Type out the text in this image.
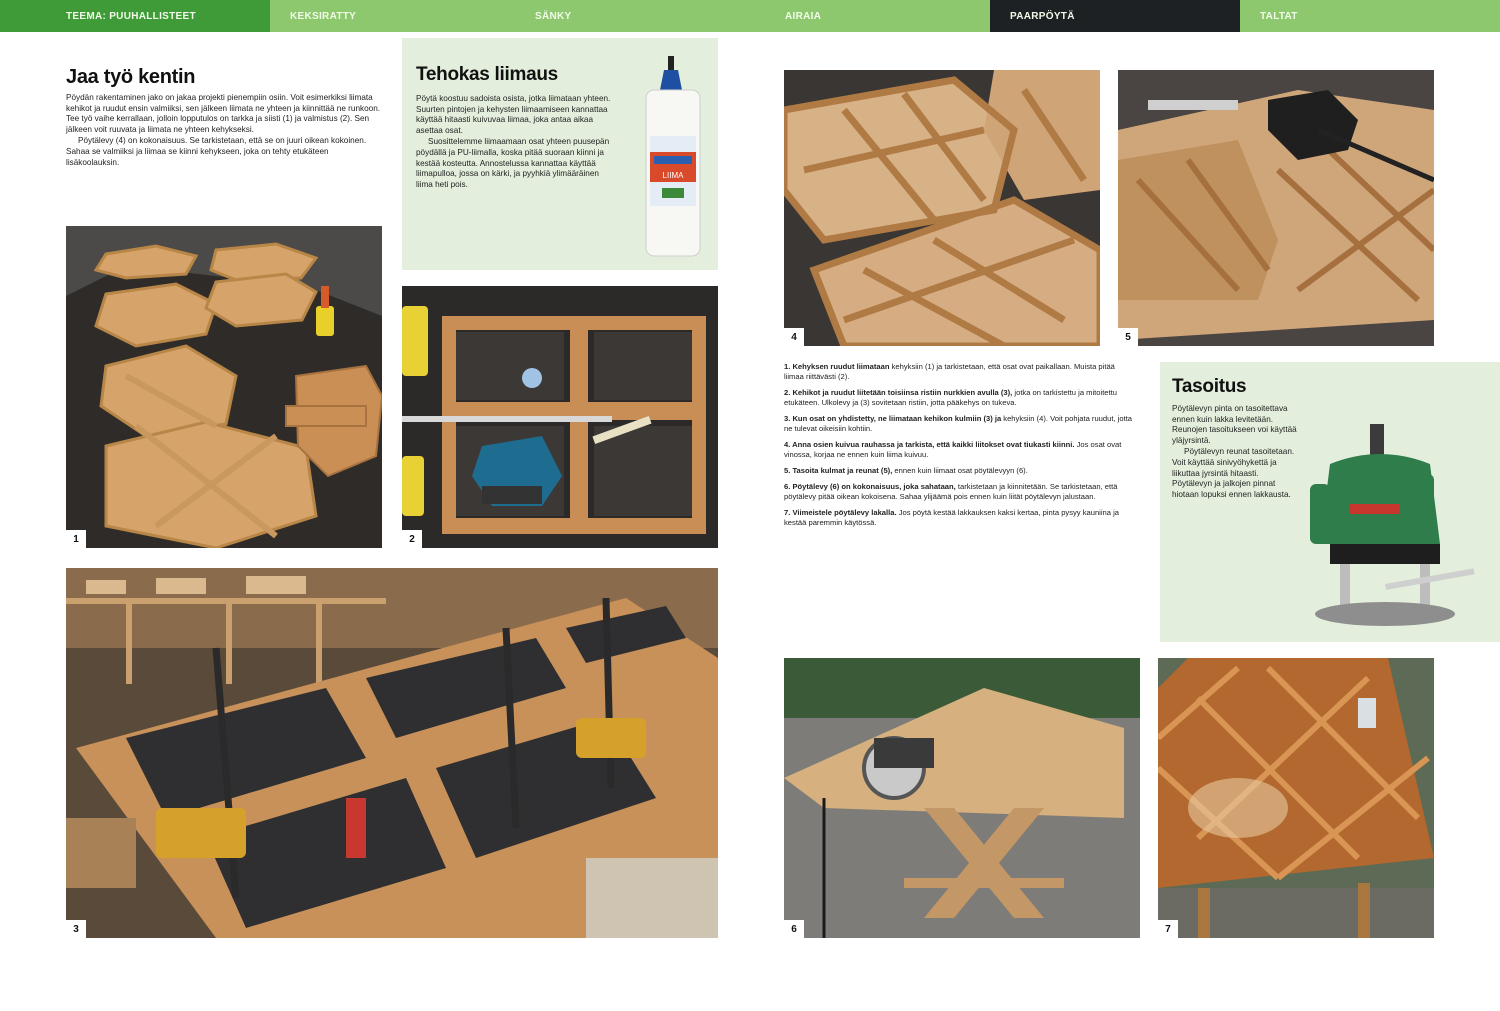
TEEMA: PUUHALLISTEET	KEKSIRATTY	SÄNKY	AIRAIA	PAARPÖYTÄ	TALTAT
Jaa työ kentin

Pöydän rakentaminen jako on jakaa projekti pienempiin osiin. Voit esimerkiksi liimata kehikot ja ruudut ensin valmiiksi, sen jälkeen liimata ne yhteen ja kiinnittää ne runkoon. Tee työ vaihe kerrallaan, jolloin lopputulos on tarkka ja siisti (1) ja valmistus (2). Sen jälkeen voit ruuvata ja liimata ne yhteen kehykseksi.

Pöytälevy (4) on kokonaisuus. Se tarkistetaan, että se on juuri oikean kokoinen. Sahaa se valmiiksi ja liimaa se kiinni kehykseen, joka on tehty etukäteen lisäkoolauksin.

Tehokas liimaus

Pöytä koostuu sadoista osista, jotka liimataan yhteen. Suurten pintojen ja kehysten liimaamiseen kannattaa käyttää hitaasti kuivuvaa liimaa, joka antaa aikaa asettaa osat.

Suosittelemme liimaamaan osat yhteen puusepän pöydällä ja PU-liimalla, koska pitää suoraan kiinni ja kestää kosteutta. Annostelussa kannattaa käyttää liimapulloa, jossa on kärki, ja pyyhkiä ylimääräinen liima heti pois.

LIIMA
1	2
3
4	5
1. Kehyksen ruudut liimataan kehyksiin (1) ja tarkistetaan, että osat ovat paikallaan. Muista pitää liimaa riittävästi (2).
2. Kehikot ja ruudut liitetään toisiinsa ristiin nurkkien avulla (3), jotka on tarkistettu ja mitoitettu etukäteen. Ulkolevy ja (3) sovitetaan ristiin, jotta pääkehys on tukeva.
3. Kun osat on yhdistetty, ne liimataan kehikon kulmiin (3) ja kehyksiin (4). Voit pohjata ruudut, jotta ne tulevat oikeisiin kohtiin.
4. Anna osien kuivua rauhassa ja tarkista, että kaikki liitokset ovat tiukasti kiinni. Jos osat ovat vinossa, korjaa ne ennen kuin liima kuivuu.
5. Tasoita kulmat ja reunat (5), ennen kuin liimaat osat pöytälevyyn (6).
6. Pöytälevy (6) on kokonaisuus, joka sahataan, tarkistetaan ja kiinnitetään. Se tarkistetaan, että pöytälevy pitää oikean kokoisena. Sahaa ylijäämä pois ennen kuin liität pöytälevyn jalustaan.
7. Viimeistele pöytälevy lakalla. Jos pöytä kestää lakkauksen kaksi kertaa, pinta pysyy kauniina ja kestää paremmin käytössä.
Tasoitus

Pöytälevyn pinta on tasoitettava ennen kuin lakka levitetään. Reunojen tasoitukseen voi käyttää yläjyrsintä.

Pöytälevyn reunat tasoitetaan. Voit käyttää sinivyöhykettä ja liikuttaa jyrsintä hitaasti. Pöytälevyn ja jalkojen pinnat hiotaan lopuksi ennen lakkausta.

6	7
